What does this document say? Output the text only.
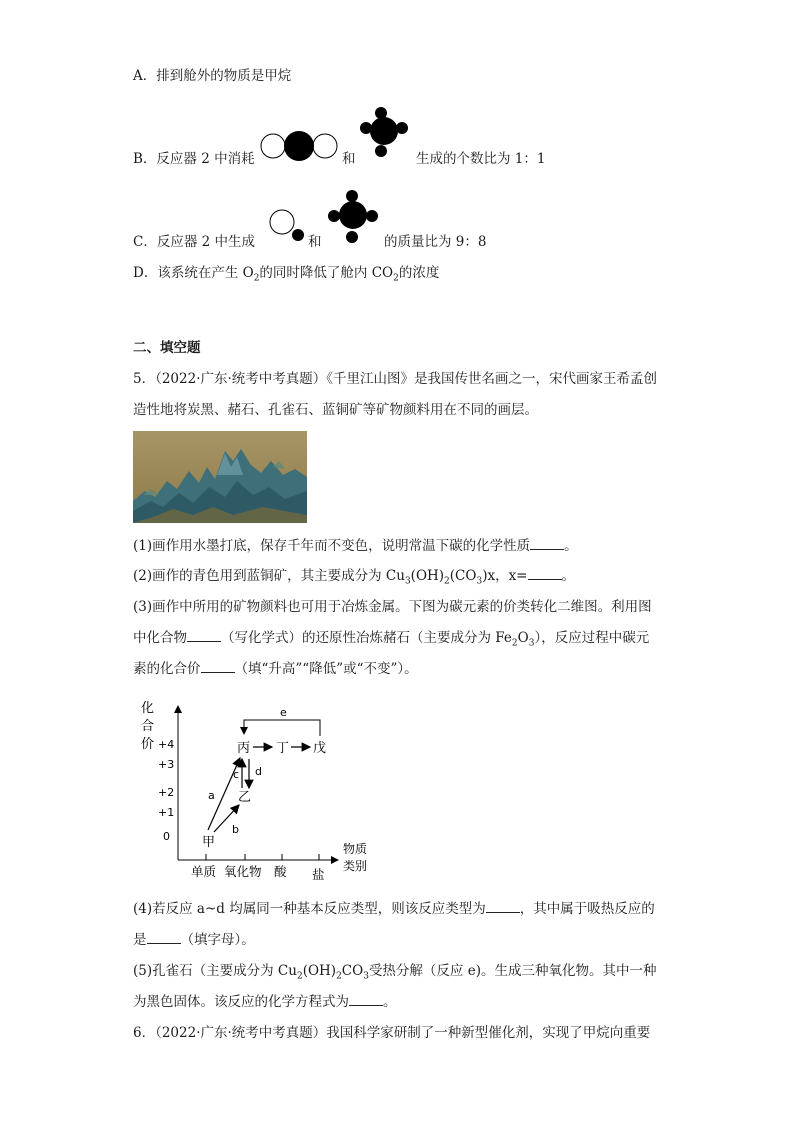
A．排到舱外的物质是甲烷
B．反应器 2 中消耗	和	生成的个数比为 1：1
C．反应器 2 中生成	和	的质量比为 9：8
D．该系统在产生 $O_2$的同时降低了舱内 $CO_2$的浓度
二、填空题
5．（2022·广东·统考中考真题）《千里江山图》是我国传世名画之一，宋代画家王希孟创
造性地将炭黑、赭石、孔雀石、蓝铜矿等矿物颜料用在不同的画层。
(1)画作用水墨打底，保存千年而不变色，说明常温下碳的化学性质	。
(2)画作的青色用到蓝铜矿，其主要成分为 $Cu_3(OH)_2(CO_3)x$，x=	。
(3)画作中所用的矿物颜料也可用于冶炼金属。下图为碳元素的价类转化二维图。利用图
中化合物	（写化学式）的还原性冶炼赭石（主要成分为 $Fe_2O_3$），反应过程中碳元
素的化合价	（填“升高”“降低”或“不变”）。
化
合
价 +4
+3
+2
+1
0
单质 氧化物 酸 盐
物质
类别
甲
乙
丙 丁 戊
e
a
b
c d
(4)若反应 a~d 均属同一种基本反应类型，则该反应类型为	，其中属于吸热反应的
是	（填字母）。
(5)孔雀石（主要成分为 $Cu_2(OH)_2CO_3$受热分解（反应 e)。生成三种氧化物。其中一种
为黑色固体。该反应的化学方程式为	。
6．（2022·广东·统考中考真题）我国科学家研制了一种新型催化剂，实现了甲烷向重要
